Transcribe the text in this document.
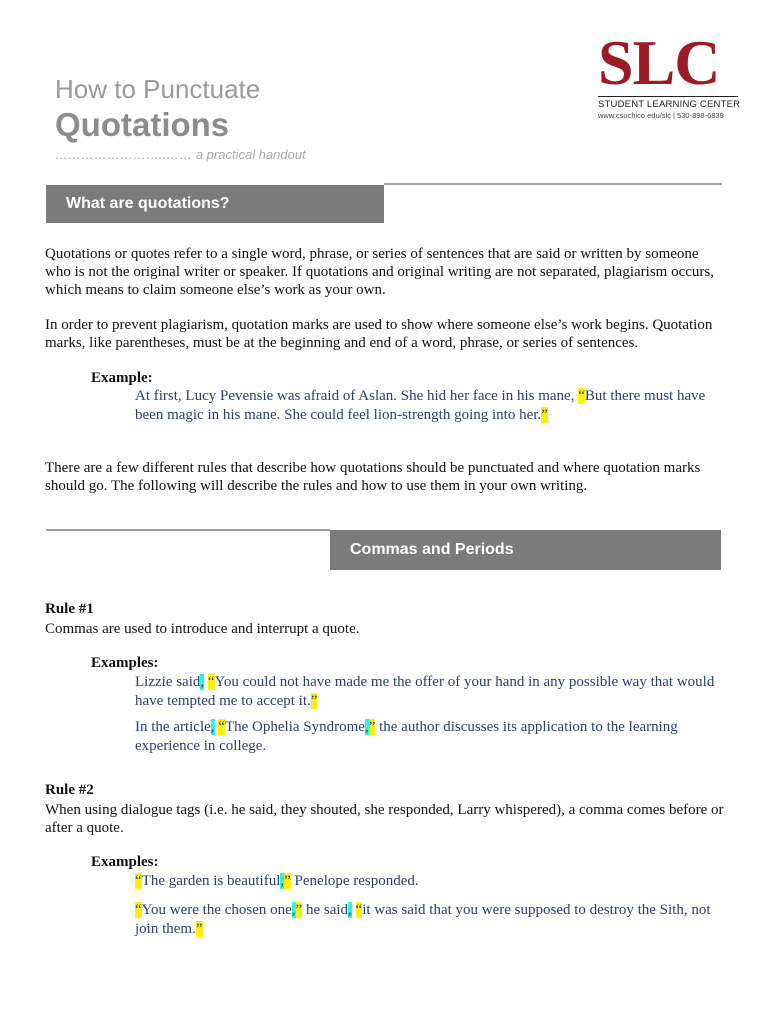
How to Punctuate
Quotations
……………………..…… a practical handout
SLC
STUDENT LEARNING CENTER
www.csuchico.edu/slc | 530-898-6839
What are quotations?
Quotations or quotes refer to a single word, phrase, or series of sentences that are said or written by someone who is not the original writer or speaker. If quotations and original writing are not separated, plagiarism occurs, which means to claim someone else’s work as your own.
In order to prevent plagiarism, quotation marks are used to show where someone else’s work begins. Quotation marks, like parentheses, must be at the beginning and end of a word, phrase, or series of sentences.
Example:
At first, Lucy Pevensie was afraid of Aslan. She hid her face in his mane, “But there must have been magic in his mane. She could feel lion-strength going into her.”
There are a few different rules that describe how quotations should be punctuated and where quotation marks should go. The following will describe the rules and how to use them in your own writing.
Commas and Periods
Rule #1
Commas are used to introduce and interrupt a quote.
Examples:
Lizzie said, “You could not have made me the offer of your hand in any possible way that would have tempted me to accept it.”
In the article, “The Ophelia Syndrome,” the author discusses its application to the learning experience in college.
Rule #2
When using dialogue tags (i.e. he said, they shouted, she responded, Larry whispered), a comma comes before or after a quote.
Examples:
“The garden is beautiful,” Penelope responded.
“You were the chosen one,” he said, “it was said that you were supposed to destroy the Sith, not join them.”
